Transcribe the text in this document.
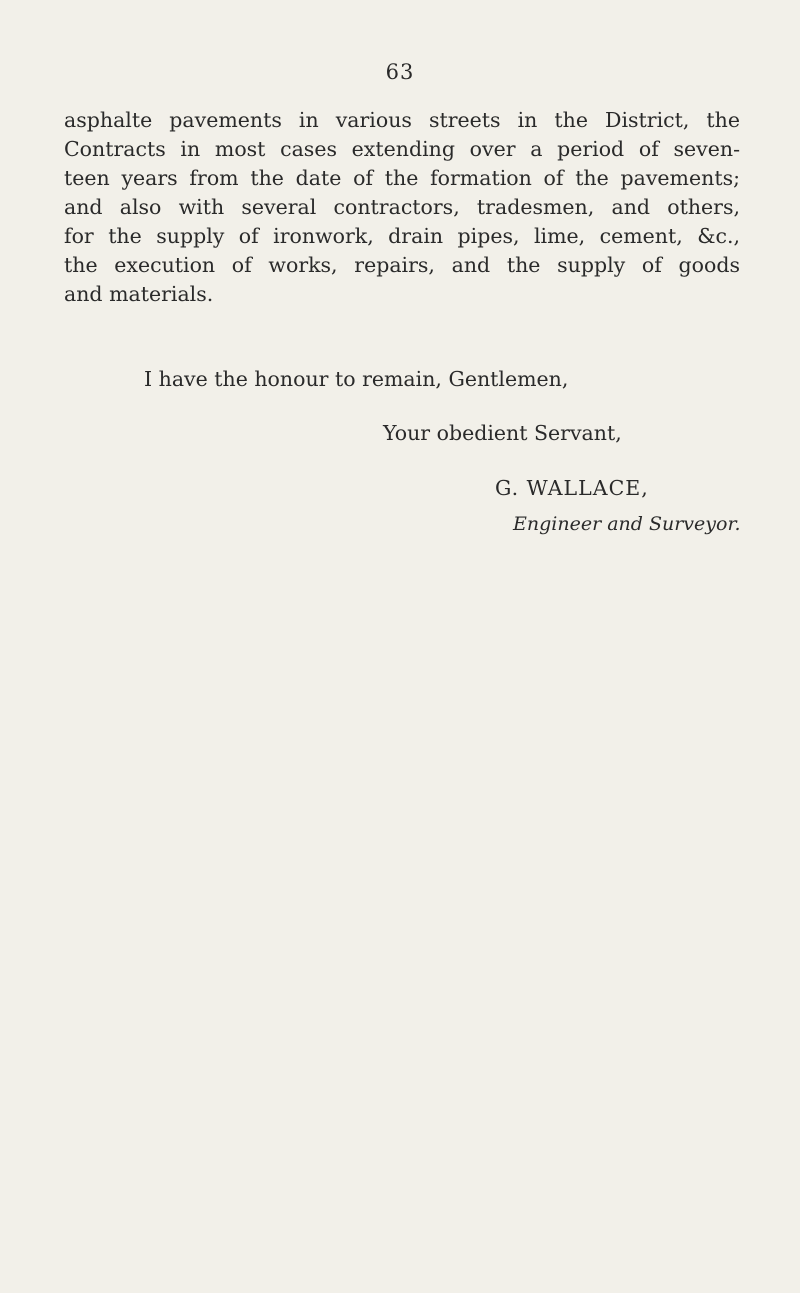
63
asphalte pavements in various streets in the District, the
Contracts in most cases extending over a period of seven-
teen years from the date of the formation of the pavements;
and also with several contractors, tradesmen, and others,
for the supply of ironwork, drain pipes, lime, cement, &c.,
the execution of works, repairs, and the supply of goods
and materials.
I have the honour to remain, Gentlemen,
Your obedient Servant,
G. WALLACE,
Engineer and Surveyor.
